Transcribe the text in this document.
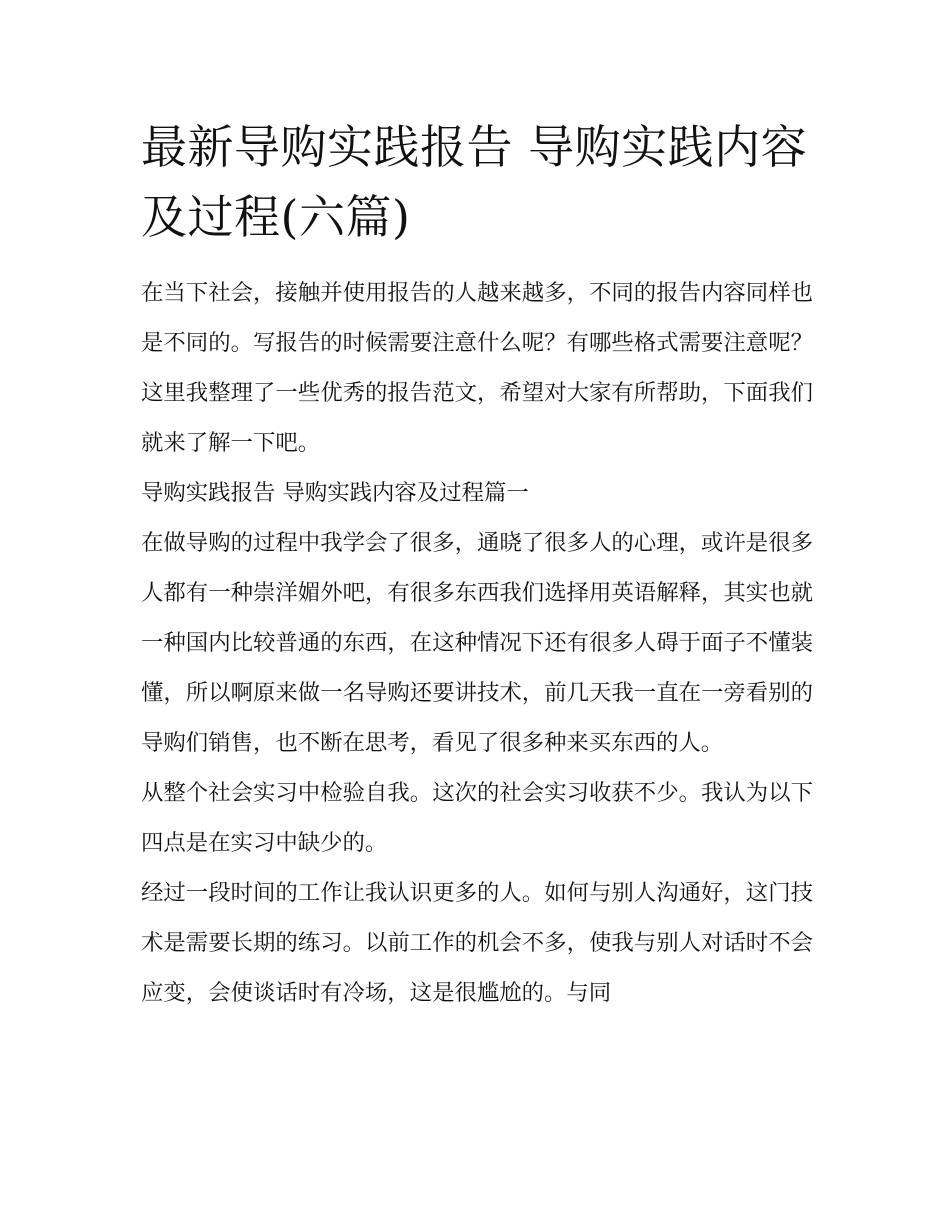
最新导购实践报告 导购实践内容及过程(六篇)

在当下社会，接触并使用报告的人越来越多，不同的报告内容同样也是不同的。写报告的时候需要注意什么呢？有哪些格式需要注意呢？这里我整理了一些优秀的报告范文，希望对大家有所帮助，下面我们就来了解一下吧。

导购实践报告 导购实践内容及过程篇一

在做导购的过程中我学会了很多，通晓了很多人的心理，或许是很多人都有一种崇洋媚外吧，有很多东西我们选择用英语解释，其实也就一种国内比较普通的东西，在这种情况下还有很多人碍于面子不懂装懂，所以啊原来做一名导购还要讲技术，前几天我一直在一旁看别的导购们销售，也不断在思考，看见了很多种来买东西的人。

从整个社会实习中检验自我。这次的社会实习收获不少。我认为以下四点是在实习中缺少的。

经过一段时间的工作让我认识更多的人。如何与别人沟通好，这门技术是需要长期的练习。以前工作的机会不多，使我与别人对话时不会应变，会使谈话时有冷场，这是很尴尬的。与同
